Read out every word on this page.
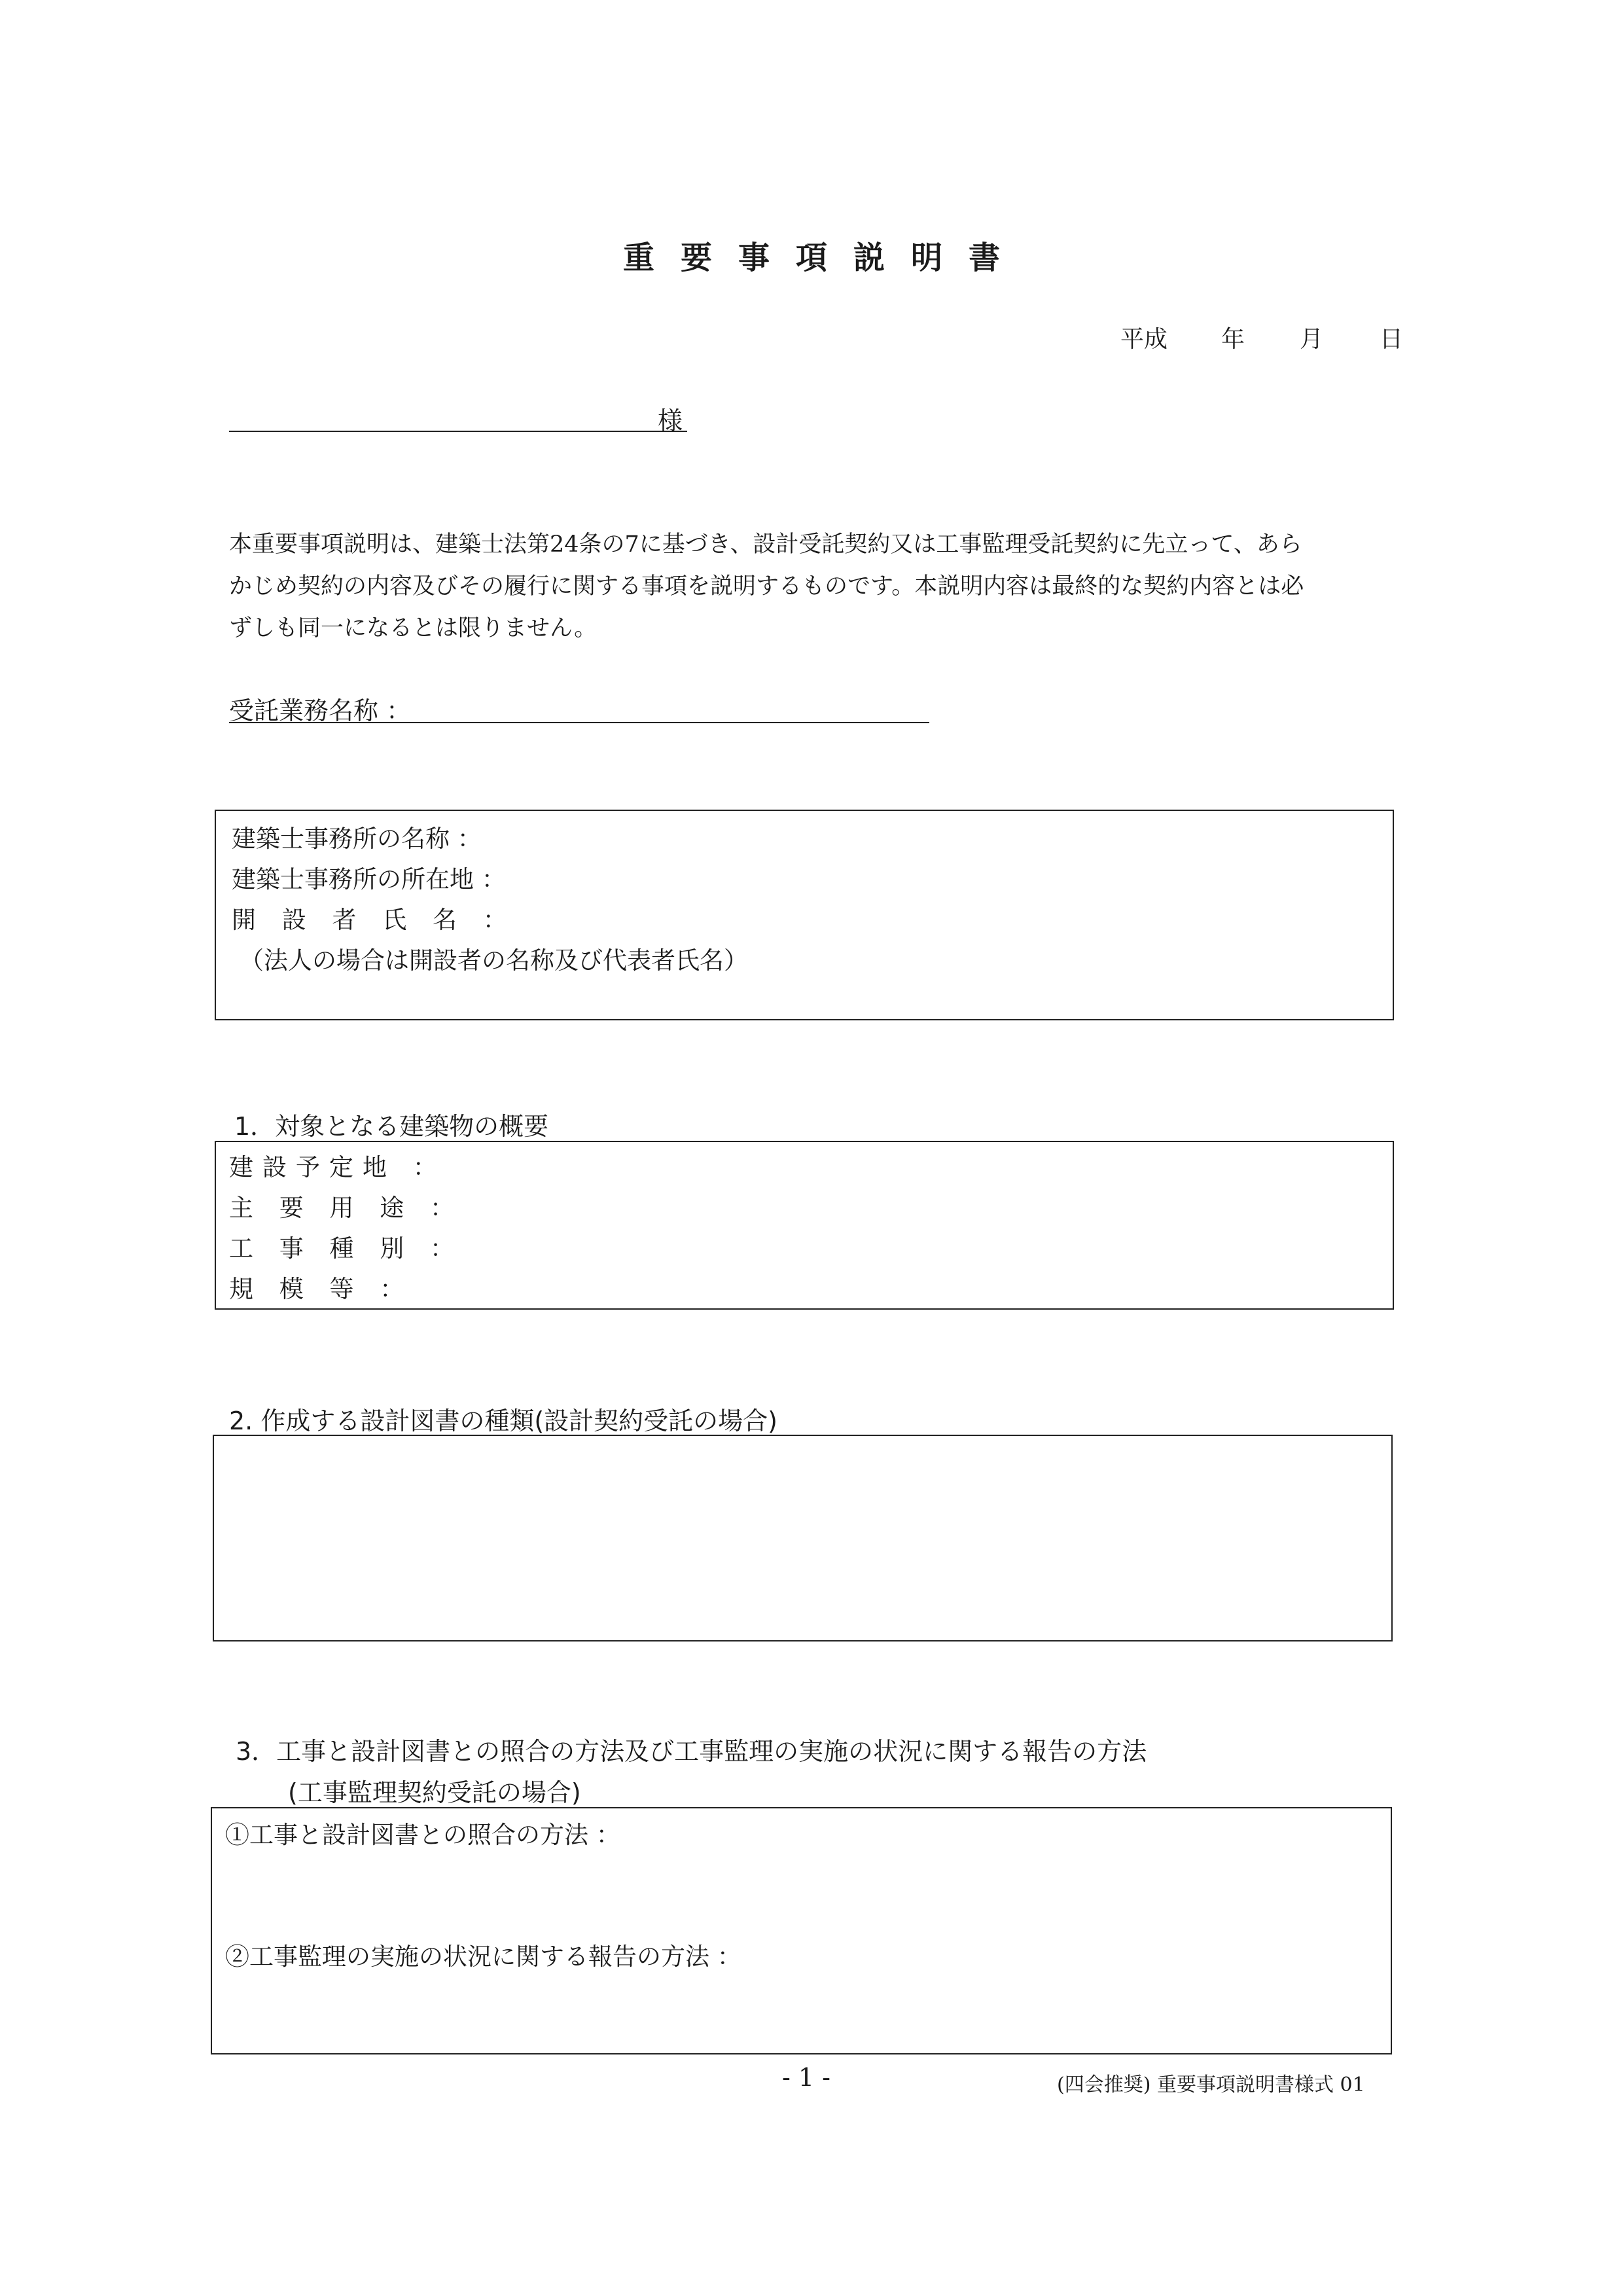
重要事項説明書
平成 年 月 日
様

本重要事項説明は、建築士法第24条の7に基づき、設計受託契約又は工事監理受託契約に先立って、あら

かじめ契約の内容及びその履行に関する事項を説明するものです。本説明内容は最終的な契約内容とは必

ずしも同一になるとは限りません。

受託業務名称 ：
建築士事務所の名称 ：
建築士事務所の所在地 ：
開 設 者 氏 名 ：
（法人の場合は開設者の名称及び代表者氏名）
1．対象となる建築物の概要
建設予定地 ：
主 要 用 途 ：
工 事 種 別 ：
規 模 等 ：
2. 作成する設計図書の種類(設計契約受託の場合)
3．工事と設計図書との照合の方法及び工事監理の実施の状況に関する報告の方法
(工事監理契約受託の場合)
①工事と設計図書との照合の方法 ：
②工事監理の実施の状況に関する報告の方法 ：
- 1 -	(四会推奨) 重要事項説明書様式 01
